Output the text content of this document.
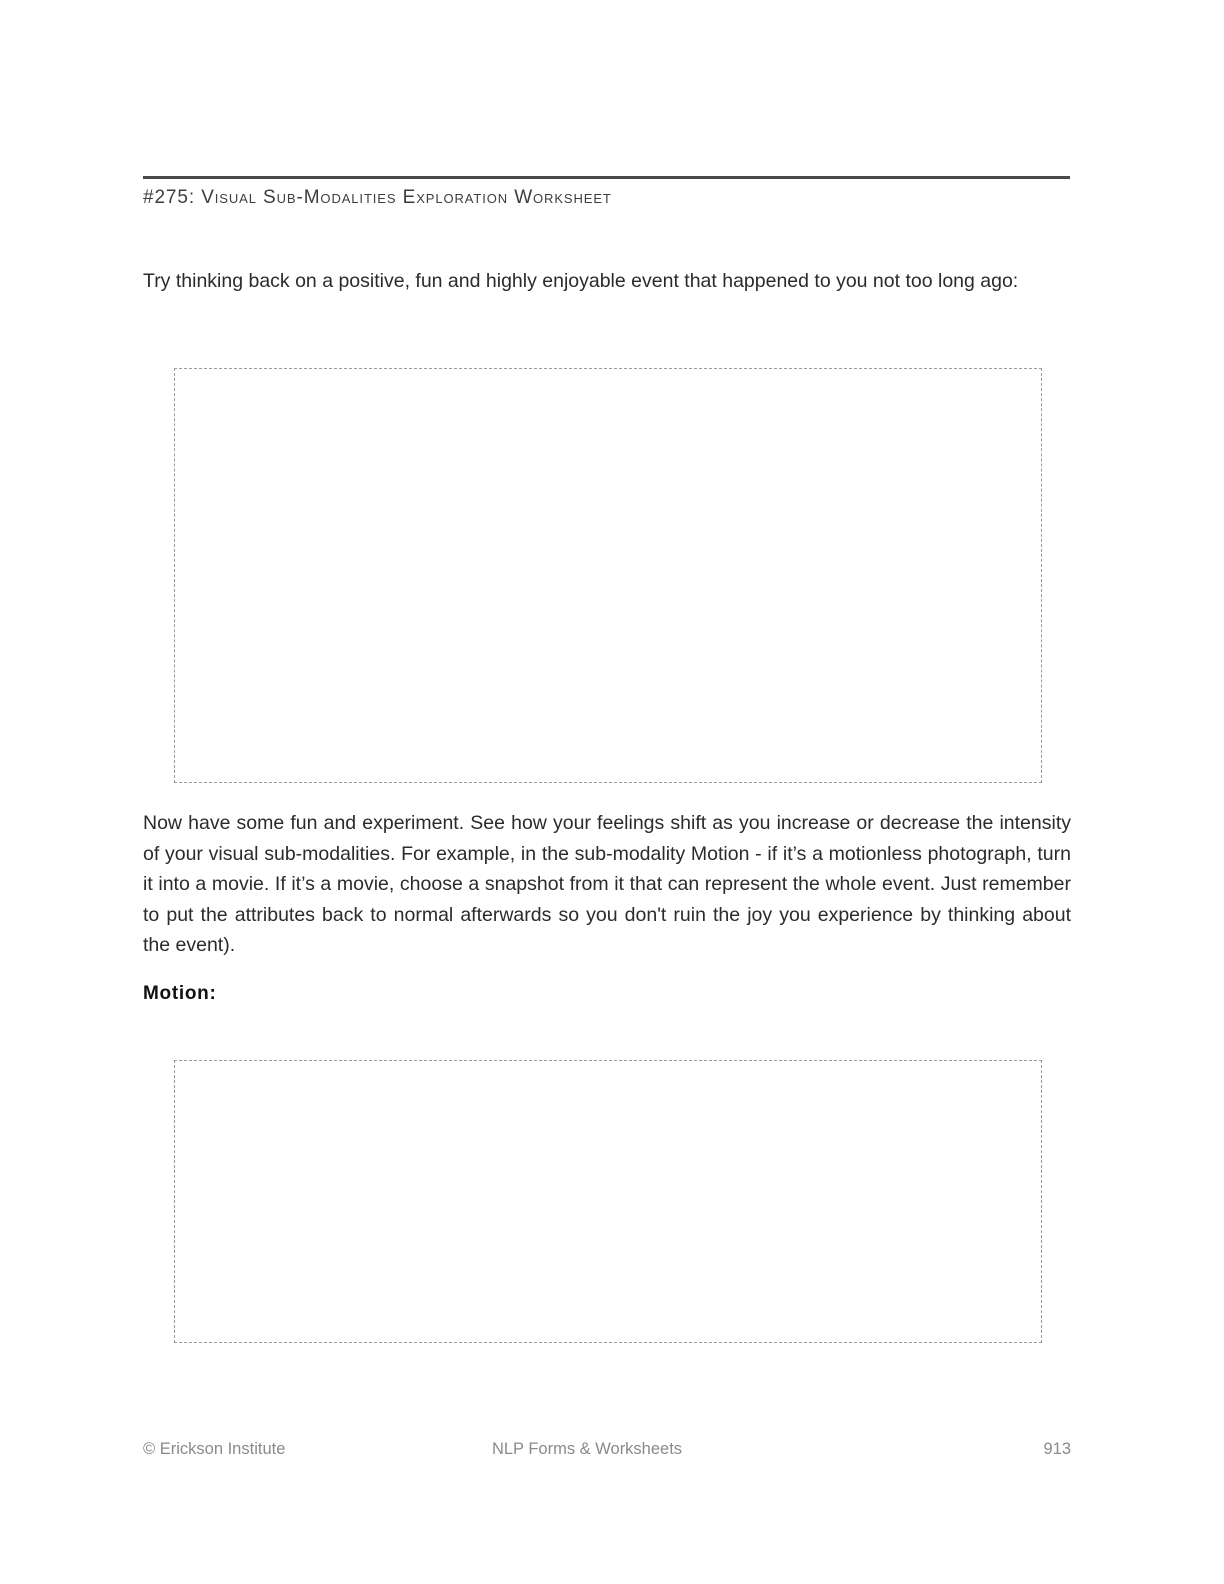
#275: Visual Sub-Modalities Exploration Worksheet
Try thinking back on a positive, fun and highly enjoyable event that happened to you not too long ago:
Now have some fun and experiment. See how your feelings shift as you increase or decrease the intensity of your visual sub-modalities. For example, in the sub-modality Motion - if it’s a motionless photograph, turn it into a movie. If it’s a movie, choose a snapshot from it that can represent the whole event. Just remember to put the attributes back to normal afterwards so you don't ruin the joy you experience by thinking about the event).
Motion:
© Erickson Institute	NLP Forms & Worksheets	913
